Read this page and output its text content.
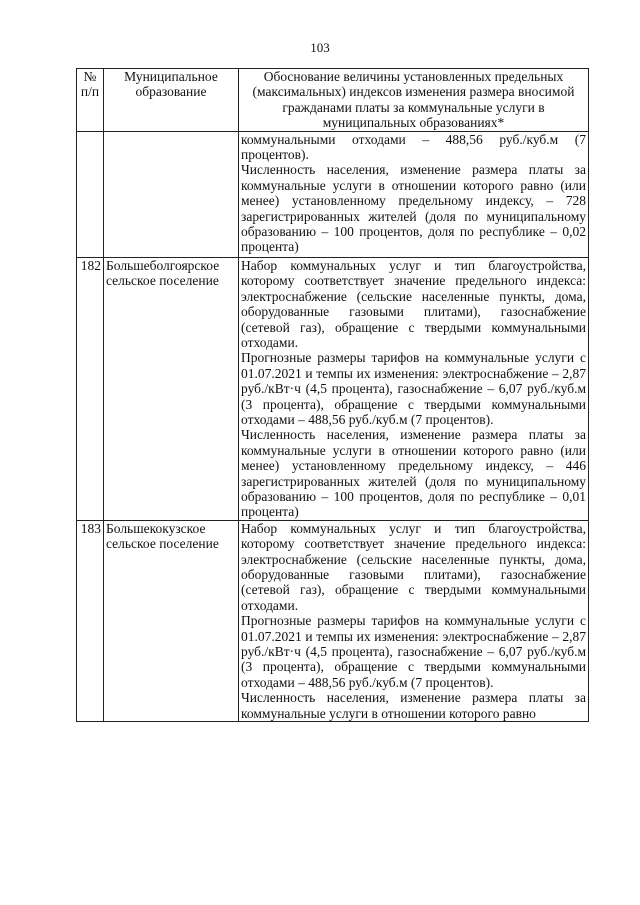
103
№ п/п	Муниципальное образование	Обоснование величины установленных предельных (максимальных) индексов изменения размера вносимой гражданами платы за коммунальные услуги в муниципальных образованиях*

		коммунальными отходами – 488,56 руб./куб.м (7 процентов).

Численность населения, изменение размера платы за коммунальные услуги в отношении которого равно (или менее) установленному предельному индексу, – 728 зарегистрированных жителей (доля по муниципальному образованию – 100 процентов, доля по республике – 0,02 процента)

182	Большеболгоярское сельское поселение	Набор коммунальных услуг и тип благоустройства, которому соответствует значение предельного индекса: электроснабжение (сельские населенные пункты, дома, оборудованные газовыми плитами), газоснабжение (сетевой газ), обращение с твердыми коммунальными отходами.

Прогнозные размеры тарифов на коммунальные услуги с 01.07.2021 и темпы их изменения: электроснабжение – 2,87 руб./кВт·ч (4,5 процента), газоснабжение – 6,07 руб./куб.м (3 процента), обращение с твердыми коммунальными отходами – 488,56 руб./куб.м (7 процентов).

Численность населения, изменение размера платы за коммунальные услуги в отношении которого равно (или менее) установленному предельному индексу, – 446 зарегистрированных жителей (доля по муниципальному образованию – 100 процентов, доля по республике – 0,01 процента)

183	Большекокузское сельское поселение	Набор коммунальных услуг и тип благоустройства, которому соответствует значение предельного индекса: электроснабжение (сельские населенные пункты, дома, оборудованные газовыми плитами), газоснабжение (сетевой газ), обращение с твердыми коммунальными отходами.

Прогнозные размеры тарифов на коммунальные услуги с 01.07.2021 и темпы их изменения: электроснабжение – 2,87 руб./кВт·ч (4,5 процента), газоснабжение – 6,07 руб./куб.м (3 процента), обращение с твердыми коммунальными отходами – 488,56 руб./куб.м (7 процентов).

Численность населения, изменение размера платы за коммунальные услуги в отношении которого равно
